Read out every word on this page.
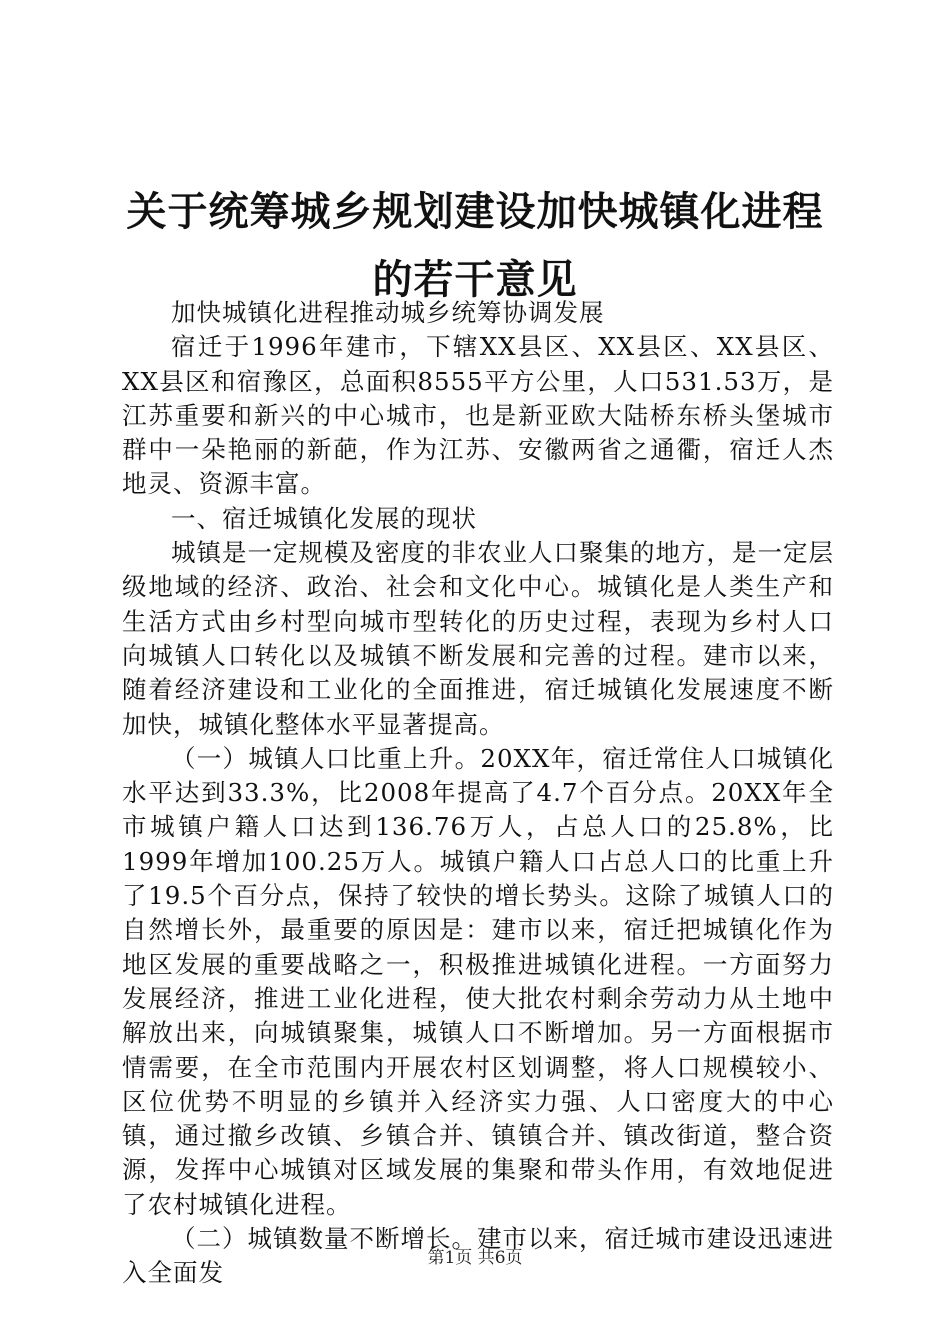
关于统筹城乡规划建设加快城镇化进程的若干意见

加快城镇化进程推动城乡统筹协调发展

宿迁于1996年建市，下辖XX县区、XX县区、XX县区、XX县区和宿豫区，总面积8555平方公里，人口531.53万，是江苏重要和新兴的中心城市，也是新亚欧大陆桥东桥头堡城市群中一朵艳丽的新葩，作为江苏、安徽两省之通衢，宿迁人杰地灵、资源丰富。

一、宿迁城镇化发展的现状

城镇是一定规模及密度的非农业人口聚集的地方，是一定层级地域的经济、政治、社会和文化中心。城镇化是人类生产和生活方式由乡村型向城市型转化的历史过程，表现为乡村人口向城镇人口转化以及城镇不断发展和完善的过程。建市以来，随着经济建设和工业化的全面推进，宿迁城镇化发展速度不断加快，城镇化整体水平显著提高。

（一）城镇人口比重上升。20XX年，宿迁常住人口城镇化水平达到33.3%，比2008年提高了4.7个百分点。20XX年全市城镇户籍人口达到136.76万人，占总人口的25.8%，比1999年增加100.25万人。城镇户籍人口占总人口的比重上升了19.5个百分点，保持了较快的增长势头。这除了城镇人口的自然增长外，最重要的原因是：建市以来，宿迁把城镇化作为地区发展的重要战略之一，积极推进城镇化进程。一方面努力发展经济，推进工业化进程，使大批农村剩余劳动力从土地中解放出来，向城镇聚集，城镇人口不断增加。另一方面根据市情需要，在全市范围内开展农村区划调整，将人口规模较小、区位优势不明显的乡镇并入经济实力强、人口密度大的中心镇，通过撤乡改镇、乡镇合并、镇镇合并、镇改街道，整合资源，发挥中心城镇对区域发展的集聚和带头作用，有效地促进了农村城镇化进程。

（二）城镇数量不断增长。建市以来，宿迁城市建设迅速进入全面发

第1页 共6页
